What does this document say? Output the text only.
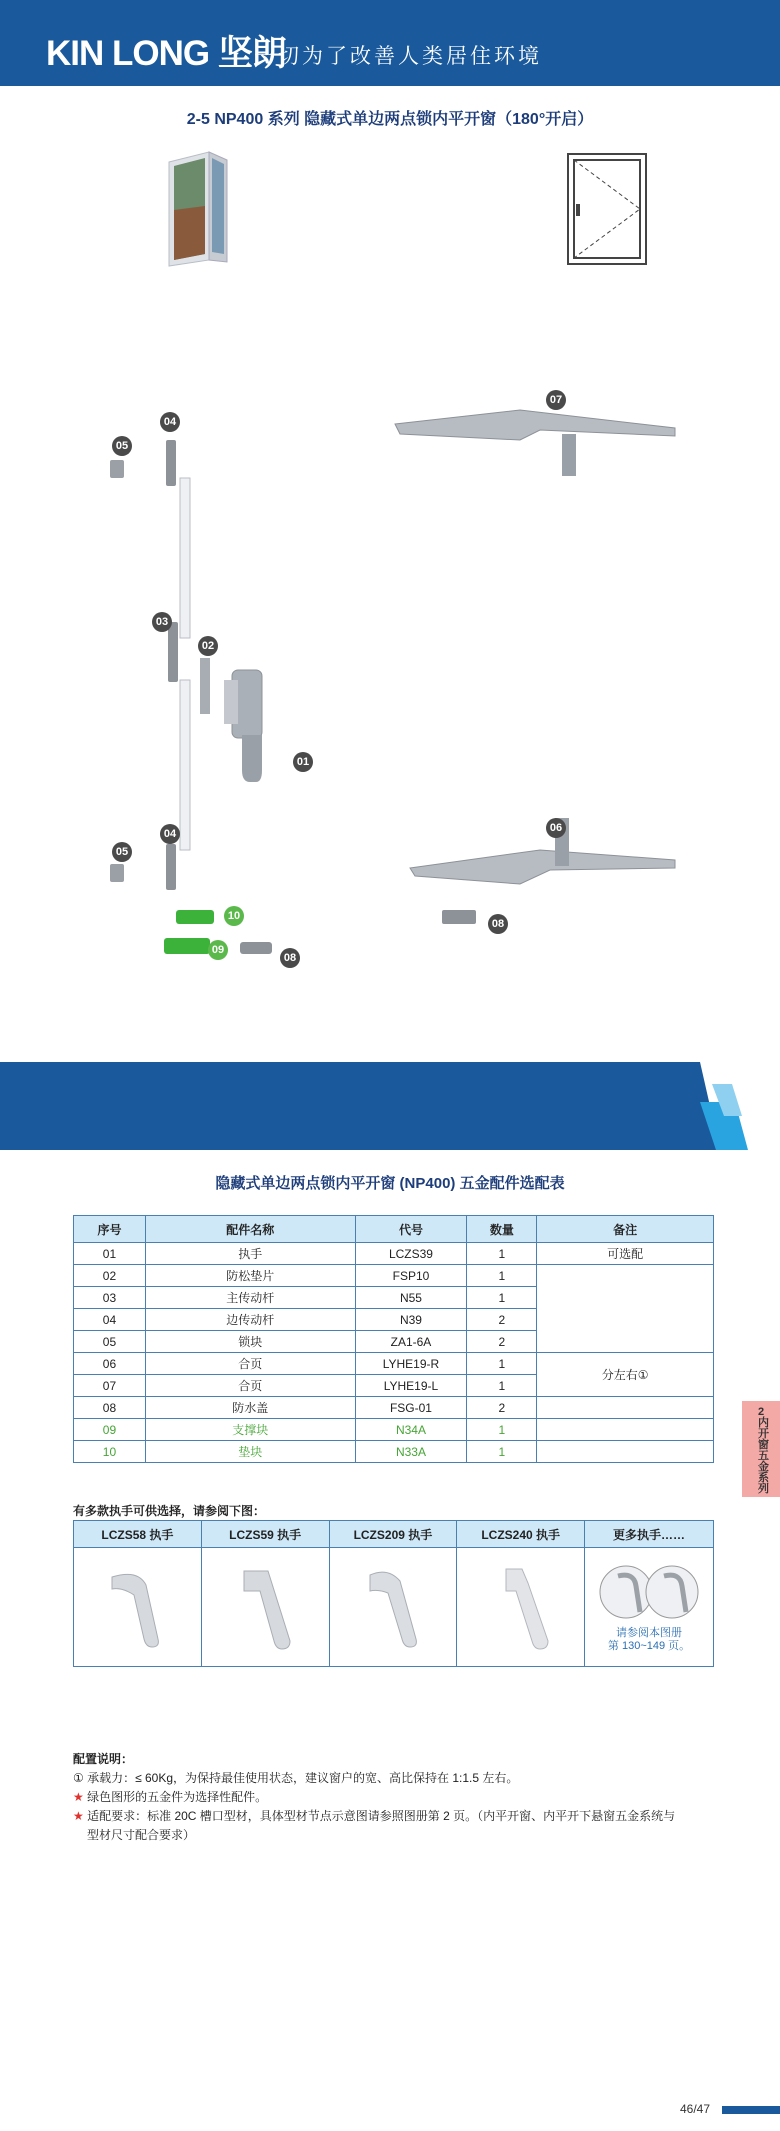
KIN LONG 坚朗
一切为了改善人类居住环境
2-5 NP400 系列 隐藏式单边两点锁内平开窗（180°开启）
04
05
03
02
01
04
05
10
09
08
07
06
08
隐藏式单边两点锁内平开窗 (NP400) 五金配件选配表
序号	配件名称	代号	数量	备注
01	执手	LCZS39	1	可选配
02	防松垫片	FSP10	1	
03	主传动杆	N55	1	
04	边传动杆	N39	2	
05	锁块	ZA1-6A	2	
06	合页	LYHE19-R	1	分左右①
07	合页	LYHE19-L	1	
08	防水盖	FSG-01	2	
09	支撑块	N34A	1	
10	垫块	N33A	1	
2
内
开
窗
五
金
系
列
有多款执手可供选择，请参阅下图：
LCZS58 执手	LCZS59 执手	LCZS209 执手	LCZS240 执手	更多执手……

请参阅本图册
第 130~149 页。
配置说明：
① 承载力：≤ 60Kg，为保持最佳使用状态，建议窗户的宽、高比保持在 1:1.5 左右。
★ 绿色图形的五金件为选择性配件。
★ 适配要求：标准 20C 槽口型材，具体型材节点示意图请参照图册第 2 页。（内平开窗、内平开下悬窗五金系统与
型材尺寸配合要求）
46/47
